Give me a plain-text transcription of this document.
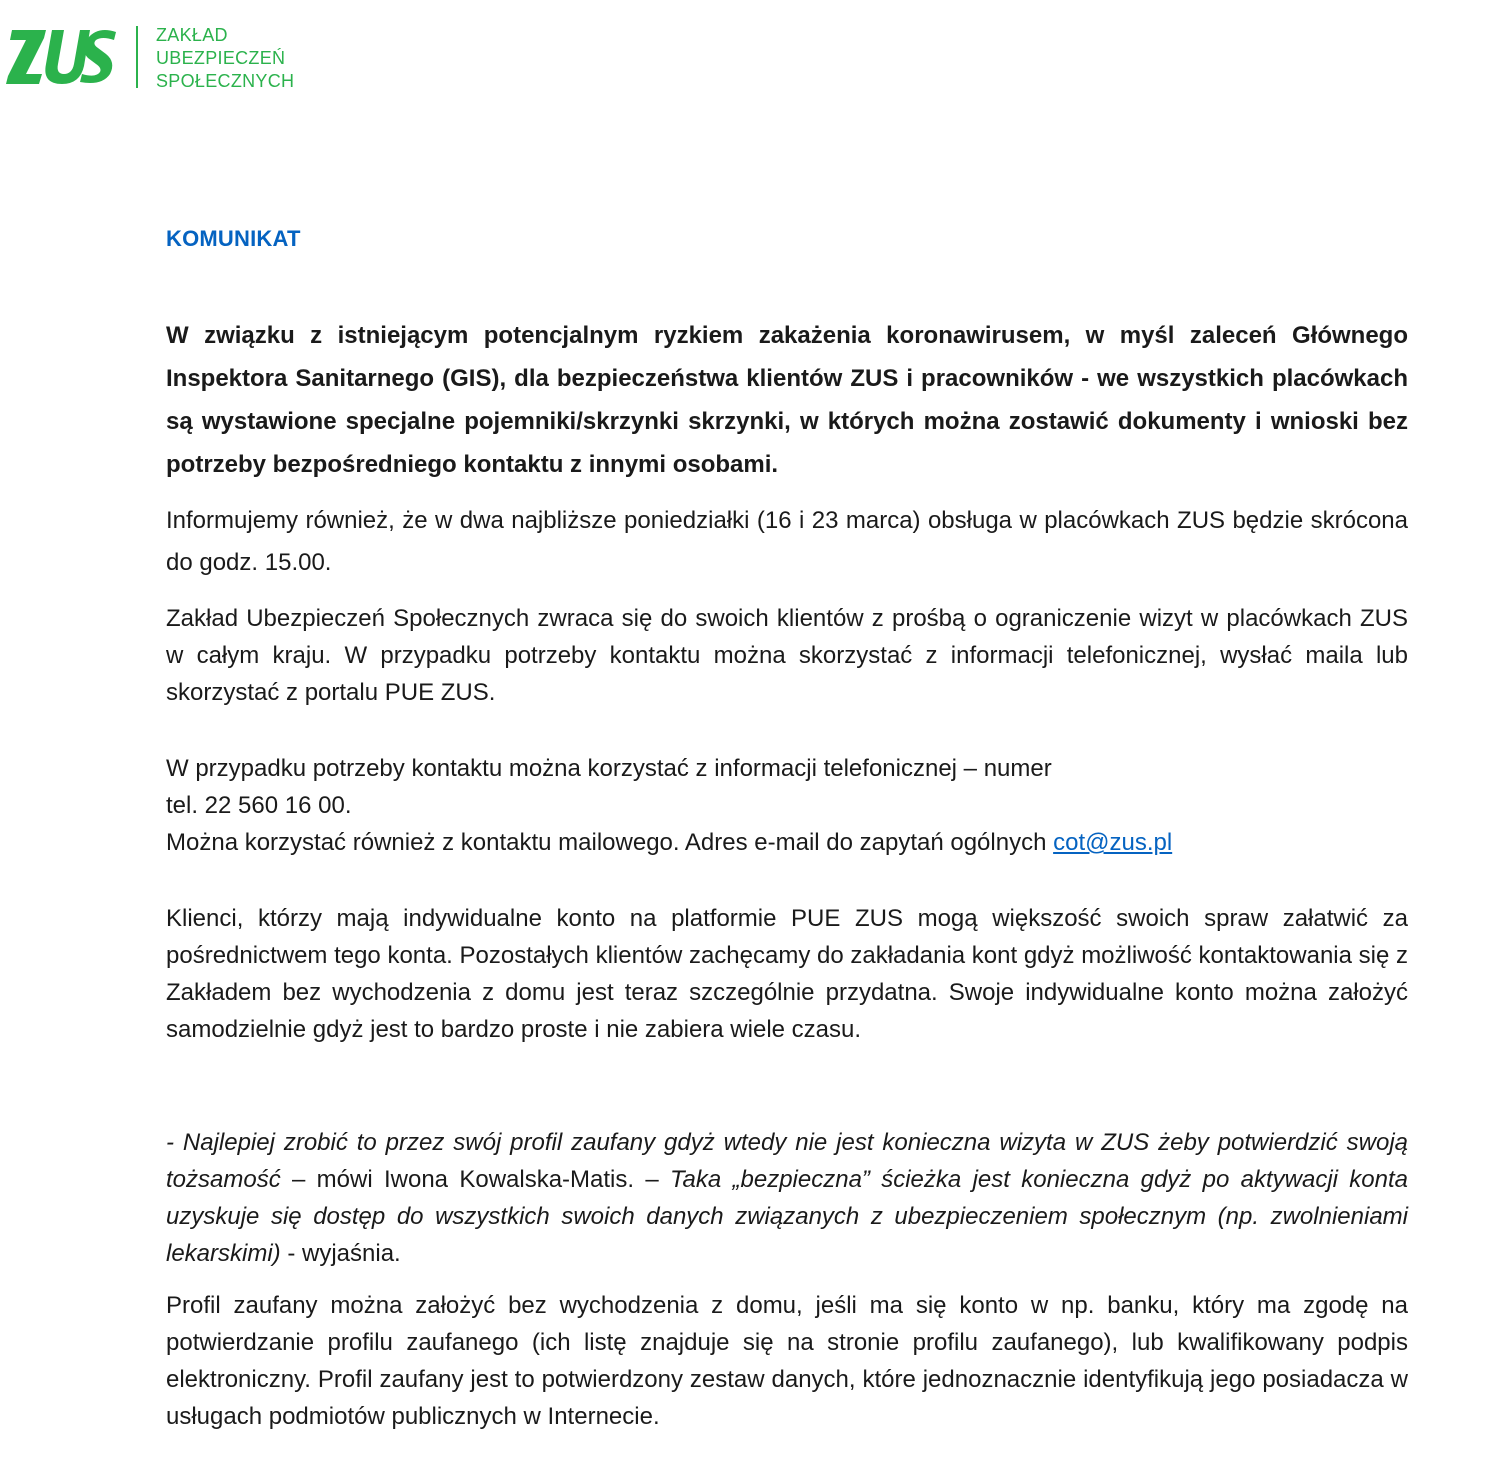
ZAKŁAD
UBEZPIECZEŃ
SPOŁECZNYCH
KOMUNIKAT
W związku z istniejącym potencjalnym ryzkiem zakażenia koronawirusem, w myśl zaleceń Głównego Inspektora Sanitarnego (GIS), dla bezpieczeństwa klientów ZUS i pracowników - we wszystkich placówkach są wystawione specjalne pojemniki/skrzynki skrzynki, w których można zostawić dokumenty i wnioski bez potrzeby bezpośredniego kontaktu z innymi osobami.
Informujemy również, że w dwa najbliższe poniedziałki (16 i 23 marca) obsługa w placówkach ZUS będzie skrócona do godz. 15.00.
Zakład Ubezpieczeń Społecznych zwraca się do swoich klientów z prośbą o ograniczenie wizyt w placówkach ZUS w całym kraju. W przypadku potrzeby kontaktu można skorzystać z informacji telefonicznej, wysłać maila lub skorzystać z portalu PUE ZUS.
W przypadku potrzeby kontaktu można korzystać z informacji telefonicznej – numer
tel. 22 560 16 00.
Można korzystać również z kontaktu mailowego. Adres e-mail do zapytań ogólnych cot@zus.pl
Klienci, którzy mają indywidualne konto na platformie PUE ZUS mogą większość swoich spraw załatwić za pośrednictwem tego konta. Pozostałych klientów zachęcamy do zakładania kont gdyż możliwość kontaktowania się z Zakładem bez wychodzenia z domu jest teraz szczególnie przydatna. Swoje indywidualne konto można założyć samodzielnie gdyż jest to bardzo proste i nie zabiera wiele czasu.
- Najlepiej zrobić to przez swój profil zaufany gdyż wtedy nie jest konieczna wizyta w ZUS żeby potwierdzić swoją tożsamość – mówi Iwona Kowalska-Matis. – Taka „bezpieczna” ścieżka jest konieczna gdyż po aktywacji konta uzyskuje się dostęp do wszystkich swoich danych związanych z ubezpieczeniem społecznym (np. zwolnieniami lekarskimi) - wyjaśnia.
Profil zaufany można założyć bez wychodzenia z domu, jeśli ma się konto w np. banku, który ma zgodę na potwierdzanie profilu zaufanego (ich listę znajduje się na stronie profilu zaufanego), lub kwalifikowany podpis elektroniczny. Profil zaufany jest to potwierdzony zestaw danych, które jednoznacznie identyfikują jego posiadacza w usługach podmiotów publicznych w Internecie.
